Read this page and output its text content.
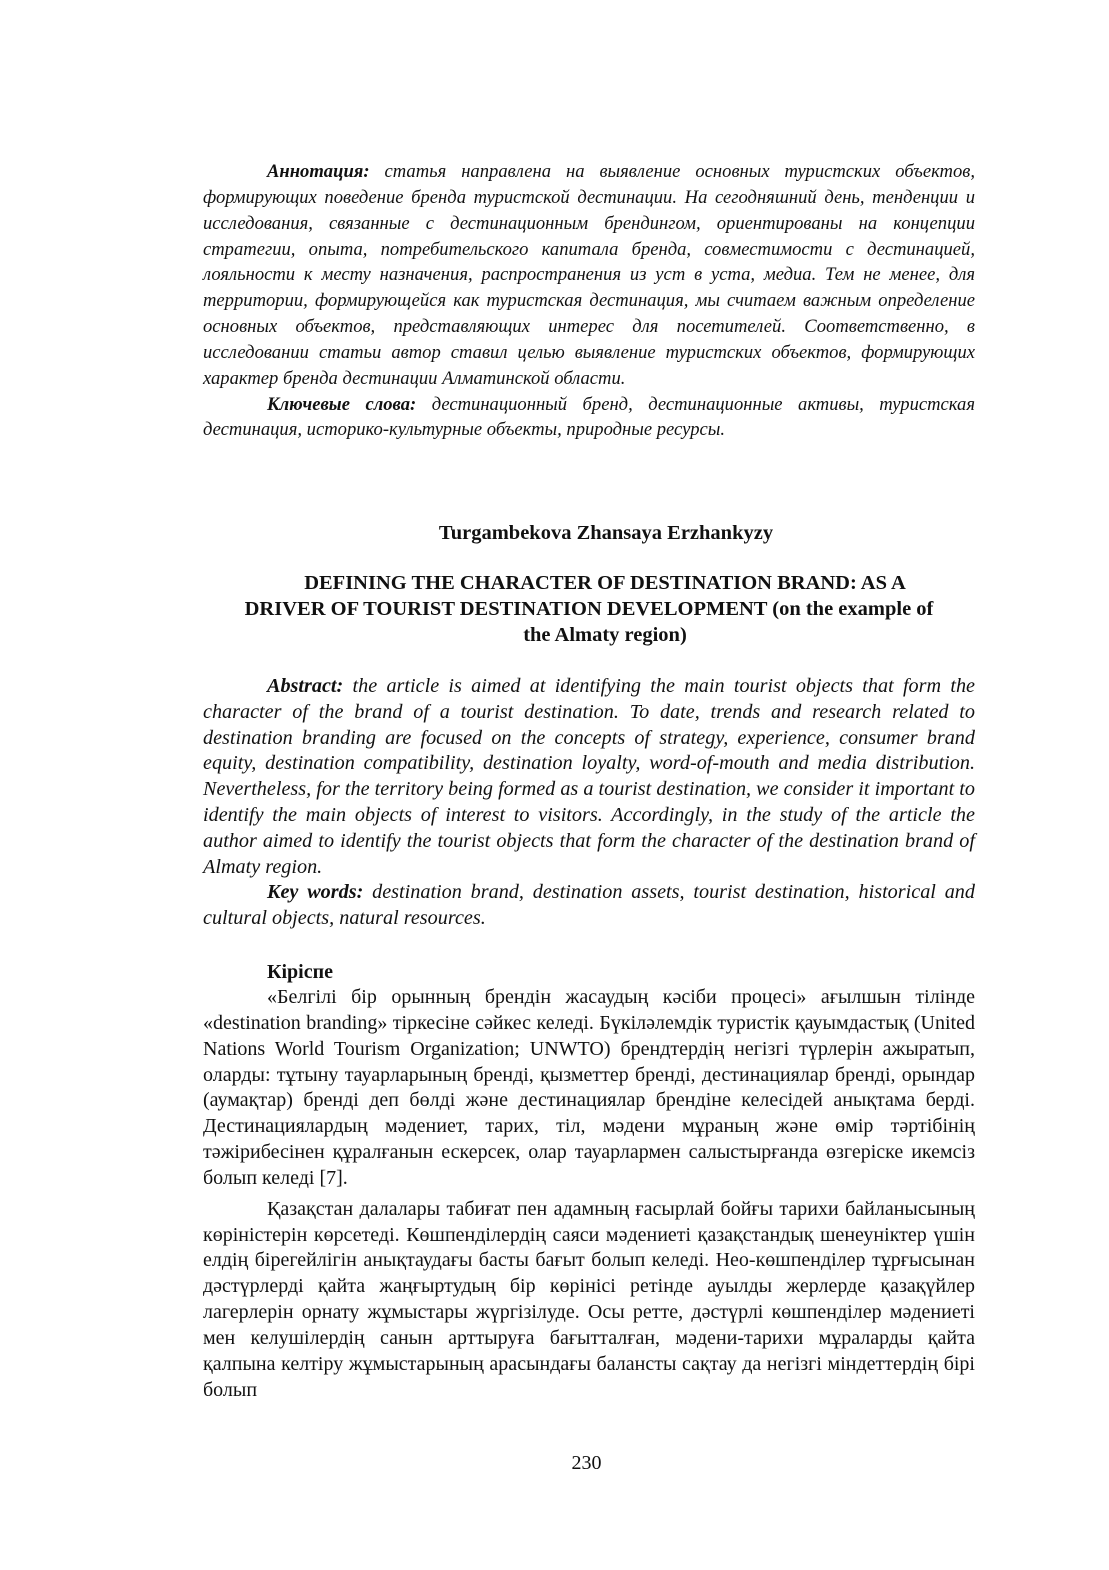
Аннотация: статья направлена на выявление основных туристских объектов, формирующих поведение бренда туристской дестинации. На сегодняшний день, тенденции и исследования, связанные с дестинационным брендингом, ориентированы на концепции стратегии, опыта, потребительского капитала бренда, совместимости с дестинацией, лояльности к месту назначения, распространения из уст в уста, медиа. Тем не менее, для территории, формирующейся как туристская дестинация, мы считаем важным определение основных объектов, представляющих интерес для посетителей. Соответственно, в исследовании статьи автор ставил целью выявление туристских объектов, формирующих характер бренда дестинации Алматинской области.

Ключевые слова: дестинационный бренд, дестинационные активы, туристская дестинация, историко-культурные объекты, природные ресурсы.

Turgambekova Zhansaya Erzhankyzy

DEFINING THE CHARACTER OF DESTINATION BRAND: AS A
DRIVER OF TOURIST DESTINATION DEVELOPMENT (on the example of
the Almaty region)

Abstract: the article is aimed at identifying the main tourist objects that form the character of the brand of a tourist destination. To date, trends and research related to destination branding are focused on the concepts of strategy, experience, consumer brand equity, destination compatibility, destination loyalty, word-of-mouth and media distribution. Nevertheless, for the territory being formed as a tourist destination, we consider it important to identify the main objects of interest to visitors. Accordingly, in the study of the article the author aimed to identify the tourist objects that form the character of the destination brand of Almaty region.

Key words: destination brand, destination assets, tourist destination, historical and cultural objects, natural resources.

Кіріспе

«Белгілі бір орынның брендін жасаудың кәсіби процесі» ағылшын тілінде «destination branding» тіркесіне сәйкес келеді. Бүкіләлемдік туристік қауымдастық (United Nations World Tourism Organization; UNWTO) брендтердің негізгі түрлерін ажыратып, оларды: тұтыну тауарларының бренді, қызметтер бренді, дестинациялар бренді, орындар (аумақтар) бренді деп бөлді және дестинациялар брендіне келесідей анықтама берді. Дестинациялардың мәдениет, тарих, тіл, мәдени мұраның және өмір тәртібінің тәжірибесінен құралғанын ескерсек, олар тауарлармен салыстырғанда өзгеріске икемсіз болып келеді [7].

Қазақстан далалары табиғат пен адамның ғасырлай бойғы тарихи байланысының көріністерін көрсетеді. Көшпенділердің саяси мәдениеті қазақстандық шенеуніктер үшін елдің бірегейлігін анықтаудағы басты бағыт болып келеді. Нео-көшпенділер тұрғысынан дәстүрлерді қайта жаңғыртудың бір көрінісі ретінде ауылды жерлерде қазақүйлер лагерлерін орнату жұмыстары жүргізілуде. Осы ретте, дәстүрлі көшпенділер мәдениеті мен келушілердің санын арттыруға бағытталған, мәдени-тарихи мұраларды қайта қалпына келтіру жұмыстарының арасындағы балансты сақтау да негізгі міндеттердің бірі болып

230
